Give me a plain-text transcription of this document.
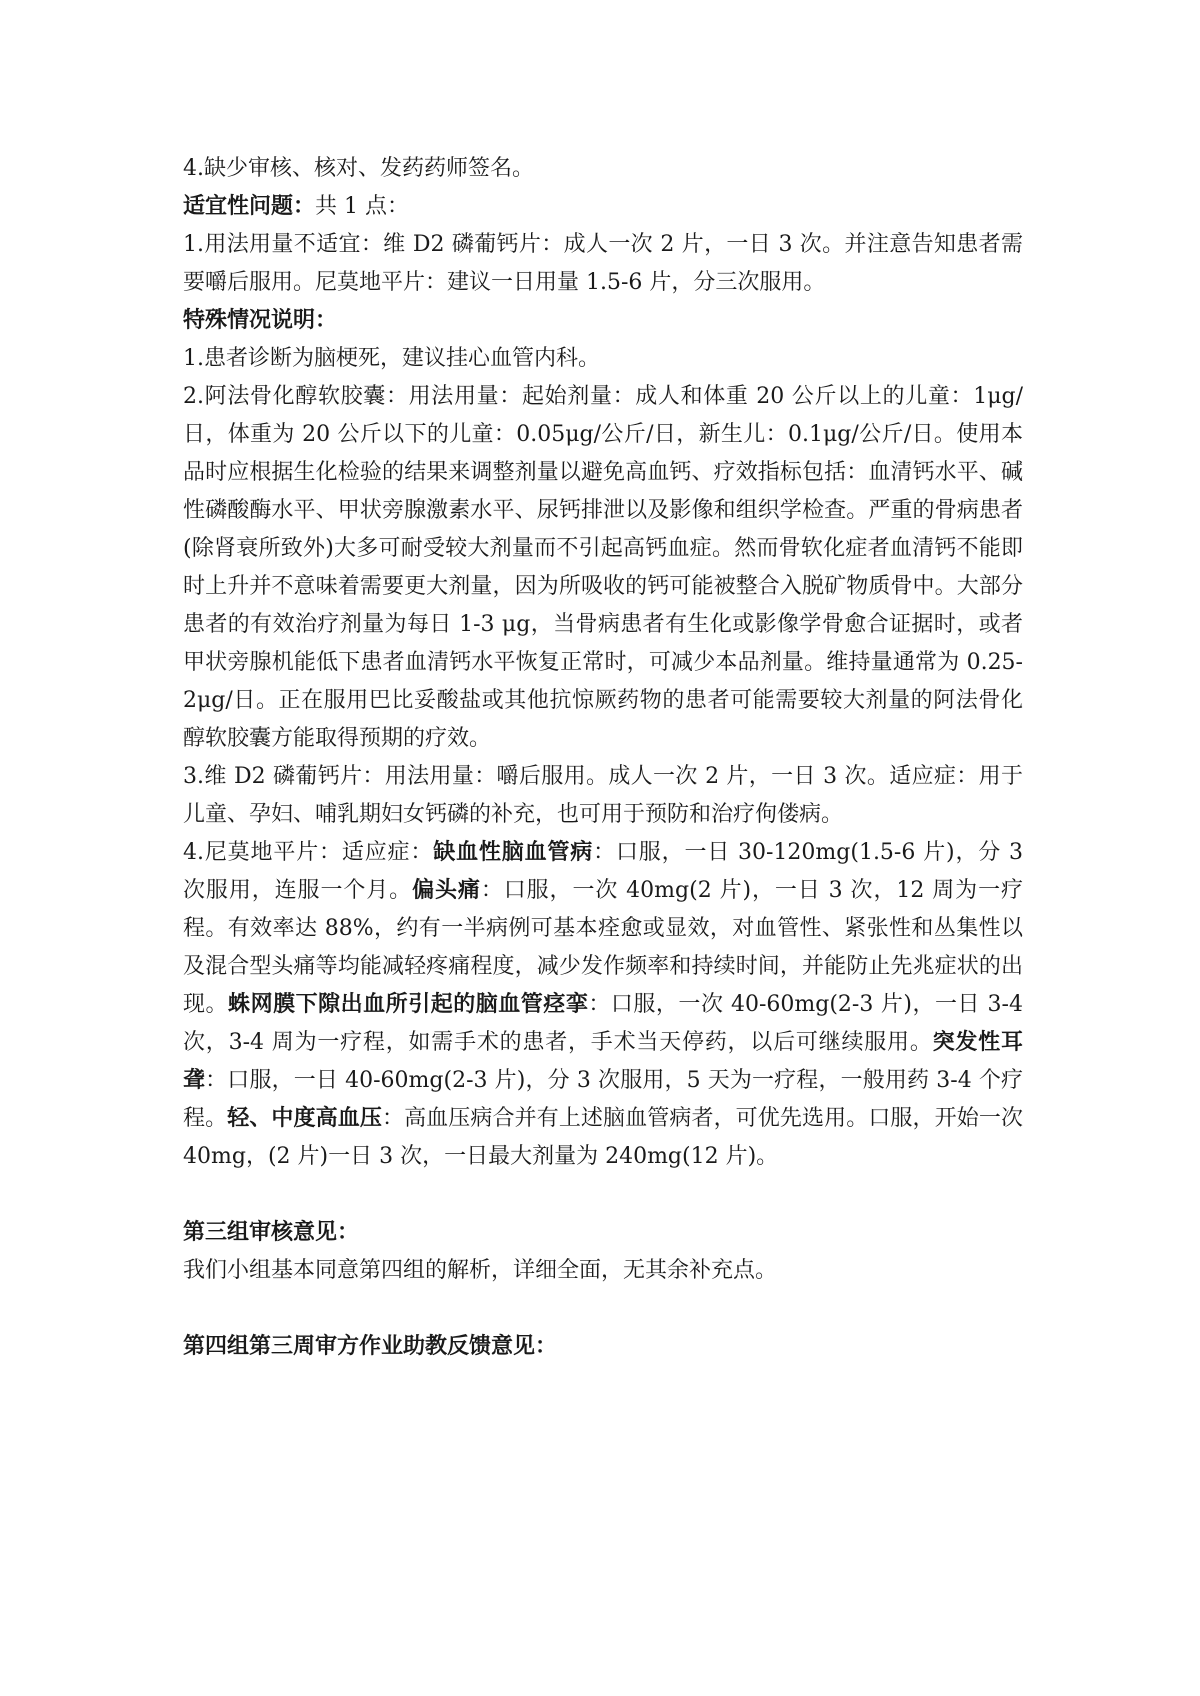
4.缺少审核、核对、发药药师签名。

适宜性问题：共 1 点：

1.用法用量不适宜：维 D2 磷葡钙片：成人一次 2 片，一日 3 次。并注意告知患者需要嚼后服用。尼莫地平片：建议一日用量 1.5-6 片，分三次服用。

特殊情况说明：

1.患者诊断为脑梗死，建议挂心血管内科。

2.阿法骨化醇软胶囊：用法用量：起始剂量：成人和体重 20 公斤以上的儿童：1μg/日，体重为 20 公斤以下的儿童：0.05μg/公斤/日，新生儿：0.1μg/公斤/日。使用本品时应根据生化检验的结果来调整剂量以避免高血钙、疗效指标包括：血清钙水平、碱性磷酸酶水平、甲状旁腺激素水平、尿钙排泄以及影像和组织学检查。严重的骨病患者(除肾衰所致外)大多可耐受较大剂量而不引起高钙血症。然而骨软化症者血清钙不能即时上升并不意味着需要更大剂量，因为所吸收的钙可能被整合入脱矿物质骨中。大部分患者的有效治疗剂量为每日 1-3 μg，当骨病患者有生化或影像学骨愈合证据时，或者甲状旁腺机能低下患者血清钙水平恢复正常时，可减少本品剂量。维持量通常为 0.25-2μg/日。正在服用巴比妥酸盐或其他抗惊厥药物的患者可能需要较大剂量的阿法骨化醇软胶囊方能取得预期的疗效。

3.维 D2 磷葡钙片：用法用量：嚼后服用。成人一次 2 片，一日 3 次。适应症：用于儿童、孕妇、哺乳期妇女钙磷的补充，也可用于预防和治疗佝偻病。

4.尼莫地平片：适应症：缺血性脑血管病：口服，一日 30-120mg(1.5-6 片)，分 3 次服用，连服一个月。偏头痛：口服，一次 40mg(2 片)，一日 3 次，12 周为一疗程。有效率达 88%，约有一半病例可基本痊愈或显效，对血管性、紧张性和丛集性以及混合型头痛等均能减轻疼痛程度，减少发作频率和持续时间，并能防止先兆症状的出现。蛛网膜下隙出血所引起的脑血管痉挛：口服，一次 40-60mg(2-3 片)，一日 3-4 次，3-4 周为一疗程，如需手术的患者，手术当天停药，以后可继续服用。突发性耳聋：口服，一日 40-60mg(2-3 片)，分 3 次服用，5 天为一疗程，一般用药 3-4 个疗程。轻、中度高血压：高血压病合并有上述脑血管病者，可优先选用。口服，开始一次 40mg，(2 片)一日 3 次，一日最大剂量为 240mg(12 片)。

第三组审核意见：

我们小组基本同意第四组的解析，详细全面，无其余补充点。

第四组第三周审方作业助教反馈意见：
